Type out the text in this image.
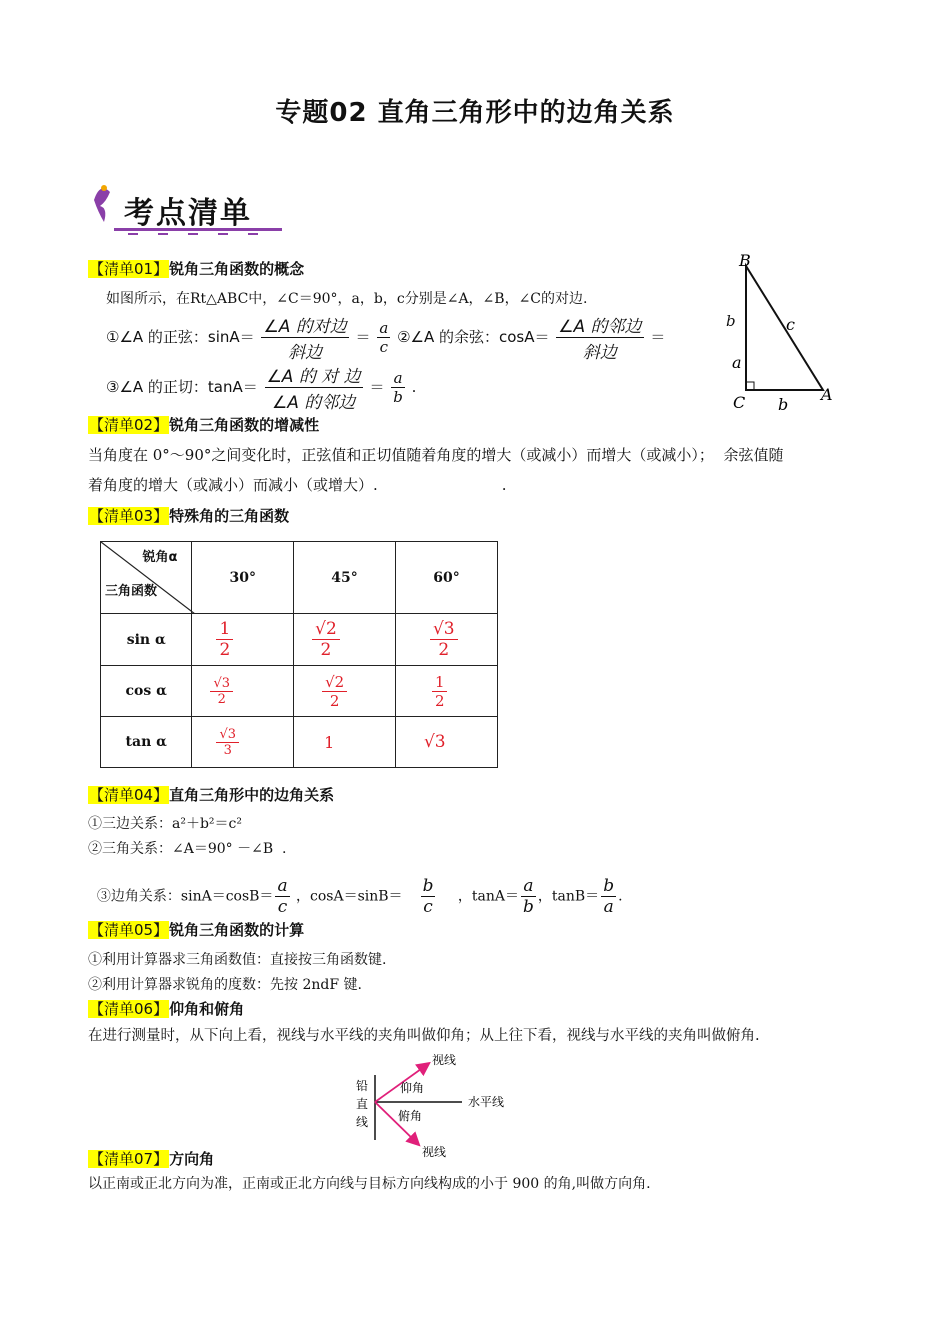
专题02 直角三角形中的边角关系
考点清单
【清单01】锐角三角函数的概念
如图所示，在Rt△ABC中，∠C＝90°，a，b，c分别是∠A，∠B，∠C的对边.
①∠A 的正弦：$\sin A= \frac{\text{∠A 的对边}}{\text{斜边}} = \frac{a}{c}$ ②∠A 的余弦：$\cos A= \frac{\text{∠A 的邻边}}{\text{斜边}}$ ＝
b
③∠A 的正切：$\tan A= \frac{\text{∠A 的 对 边}}{\text{∠A 的邻边}} = \frac{a}{b}$ .
B
C	A
a
b
c
【清单02】锐角三角函数的增减性
当角度在 0°～90°之间变化时，正弦值和正切值随着角度的增大（或减小）而增大（或减小）；  余弦值随
着角度的增大（或减小）而减小（或增大）.                          .
【清单03】特殊角的三角函数
锐角α
三角函数	30°	45°	60°
sin α	$\frac{1}{2}$	$\frac{√2}{2}$	$\frac{√3}{2}$

cos α	$\frac{√3}{2}$	$\frac{√2}{2}$	$\frac{1}{2}$

tan α	$\frac{√3}{3}$	1	√3
【清单04】直角三角形中的边角关系
①三边关系：a²＋b²＝c²
②三角关系：∠A＝90° －∠B  .

③边角关系：$\sin A=\cos B= \frac{a}{c}$ ，$\cos A=\sin B= \frac{b}{c}$ ，$\tan A= \frac{a}{b}$ ，$\tan B= \frac{b}{a}$ .

【清单05】锐角三角函数的计算
①利用计算器求三角函数值：直接按三角函数键.
②利用计算器求锐角的度数：先按 2ndF 键.
【清单06】仰角和俯角
在进行测量时，从下向上看，视线与水平线的夹角叫做仰角；从上往下看，视线与水平线的夹角叫做俯角.
铅
直
线
视线
仰角
水平线
俯角
视线
【清单07】方向角
以正南或正北方向为准，正南或正北方向线与目标方向线构成的小于 900 的角,叫做方向角.
